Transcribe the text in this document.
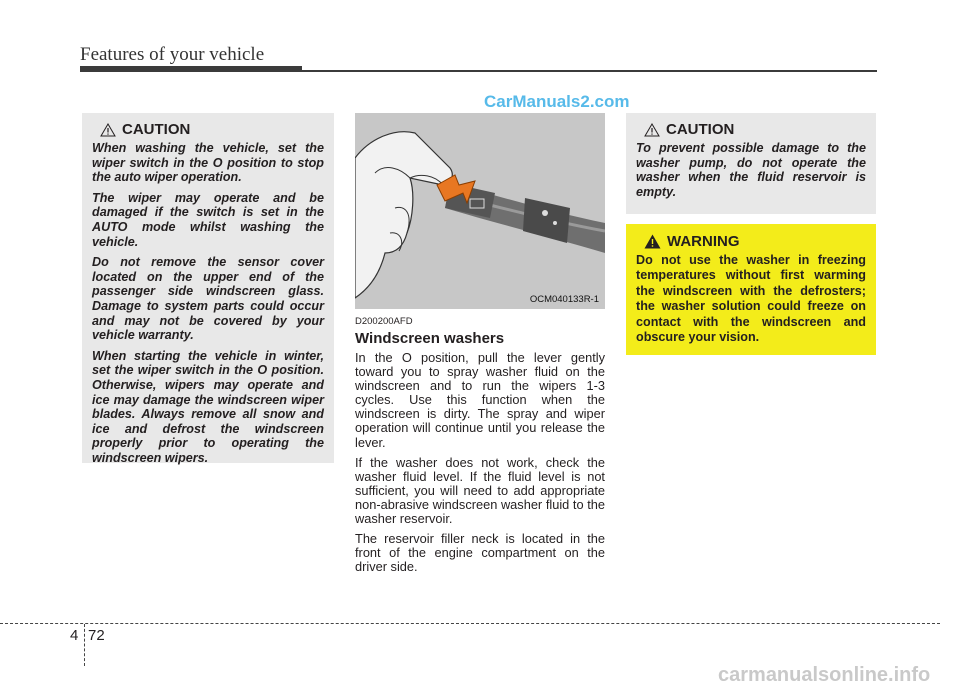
Features of your vehicle
CarManuals2.com
CAUTION

When washing the vehicle, set the wiper switch in the O position to stop the auto wiper operation.

The wiper may operate and be damaged if the switch is set in the AUTO mode whilst washing the vehicle.

Do not remove the sensor cover located on the upper end of the passenger side windscreen glass. Damage to system parts could occur and may not be covered by your vehicle warranty.

When starting the vehicle in winter, set the wiper switch in the O position. Otherwise, wipers may operate and ice may damage the windscreen wiper blades. Always remove all snow and ice and defrost the windscreen properly prior to operating the windscreen wipers.

OCM040133R-1
D200200AFD
Windscreen washers

In the O position, pull the lever gently toward you to spray washer fluid on the windscreen and to run the wipers 1-3 cycles. Use this function when the windscreen is dirty. The spray and wiper operation will continue until you release the lever.

If the washer does not work, check the washer fluid level. If the fluid level is not sufficient, you will need to add appropriate non-abrasive windscreen washer fluid to the washer reservoir.

The reservoir filler neck is located in the front of the engine compartment on the driver side.

CAUTION

To prevent possible damage to the washer pump, do not operate the washer when the fluid reservoir is empty.

WARNING

Do not use the washer in freezing temperatures without first warming the windscreen with the defrosters; the washer solution could freeze on contact with the windscreen and obscure your vision.

4 72
carmanualsonline.info
